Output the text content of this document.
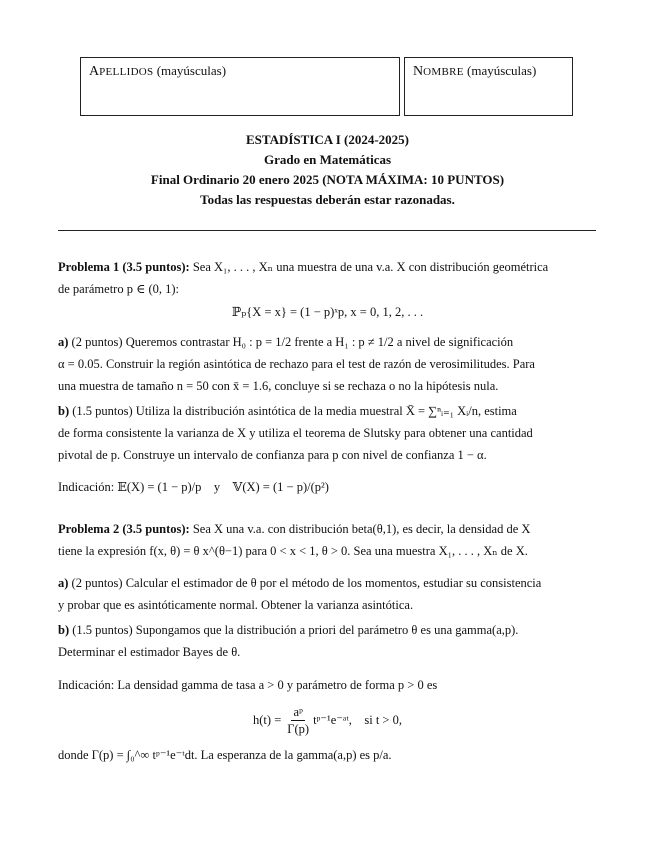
APELLIDOS (mayúsculas)	NOMBRE (mayúsculas)
ESTADÍSTICA I (2024-2025)
Grado en Matemáticas
Final Ordinario 20 enero 2025 (NOTA MÁXIMA: 10 PUNTOS)
Todas las respuestas deberán estar razonadas.
Problema 1 (3.5 puntos): Sea X₁, . . . , Xₙ una muestra de una v.a. X con distribución geométrica
de parámetro p ∈ (0, 1):
ℙₚ{X = x} = (1 − p)ˣp, x = 0, 1, 2, . . .
a) (2 puntos) Queremos contrastar H₀ : p = 1/2 frente a H₁ : p ≠ 1/2 a nivel de significación
α = 0.05. Construir la región asintótica de rechazo para el test de razón de verosimilitudes. Para
una muestra de tamaño n = 50 con x̄ = 1.6, concluye si se rechaza o no la hipótesis nula.
b) (1.5 puntos) Utiliza la distribución asintótica de la media muestral X̄ = ∑ⁿᵢ₌₁ Xᵢ/n, estima
de forma consistente la varianza de X y utiliza el teorema de Slutsky para obtener una cantidad
pivotal de p. Construye un intervalo de confianza para p con nivel de confianza 1 − α.
Indicación: 𝔼(X) = (1 − p)/p    y    𝕍(X) = (1 − p)/(p²)
Problema 2 (3.5 puntos): Sea X una v.a. con distribución beta(θ,1), es decir, la densidad de X
tiene la expresión f(x, θ) = θ x^(θ−1) para 0 < x < 1, θ > 0. Sea una muestra X₁, . . . , Xₙ de X.
a) (2 puntos) Calcular el estimador de θ por el método de los momentos, estudiar su consistencia
y probar que es asintóticamente normal. Obtener la varianza asintótica.
b) (1.5 puntos) Supongamos que la distribución a priori del parámetro θ es una gamma(a,p).
Determinar el estimador Bayes de θ.
Indicación: La densidad gamma de tasa a > 0 y parámetro de forma p > 0 es
$h(t) = \frac{\text{aᵖ}}{\Gamma(p)}$ tᵖ⁻¹e⁻ᵃᵗ,    si t > 0,
donde Γ(p) = ∫₀^∞ tᵖ⁻¹e⁻ᵗdt. La esperanza de la gamma(a,p) es p/a.
